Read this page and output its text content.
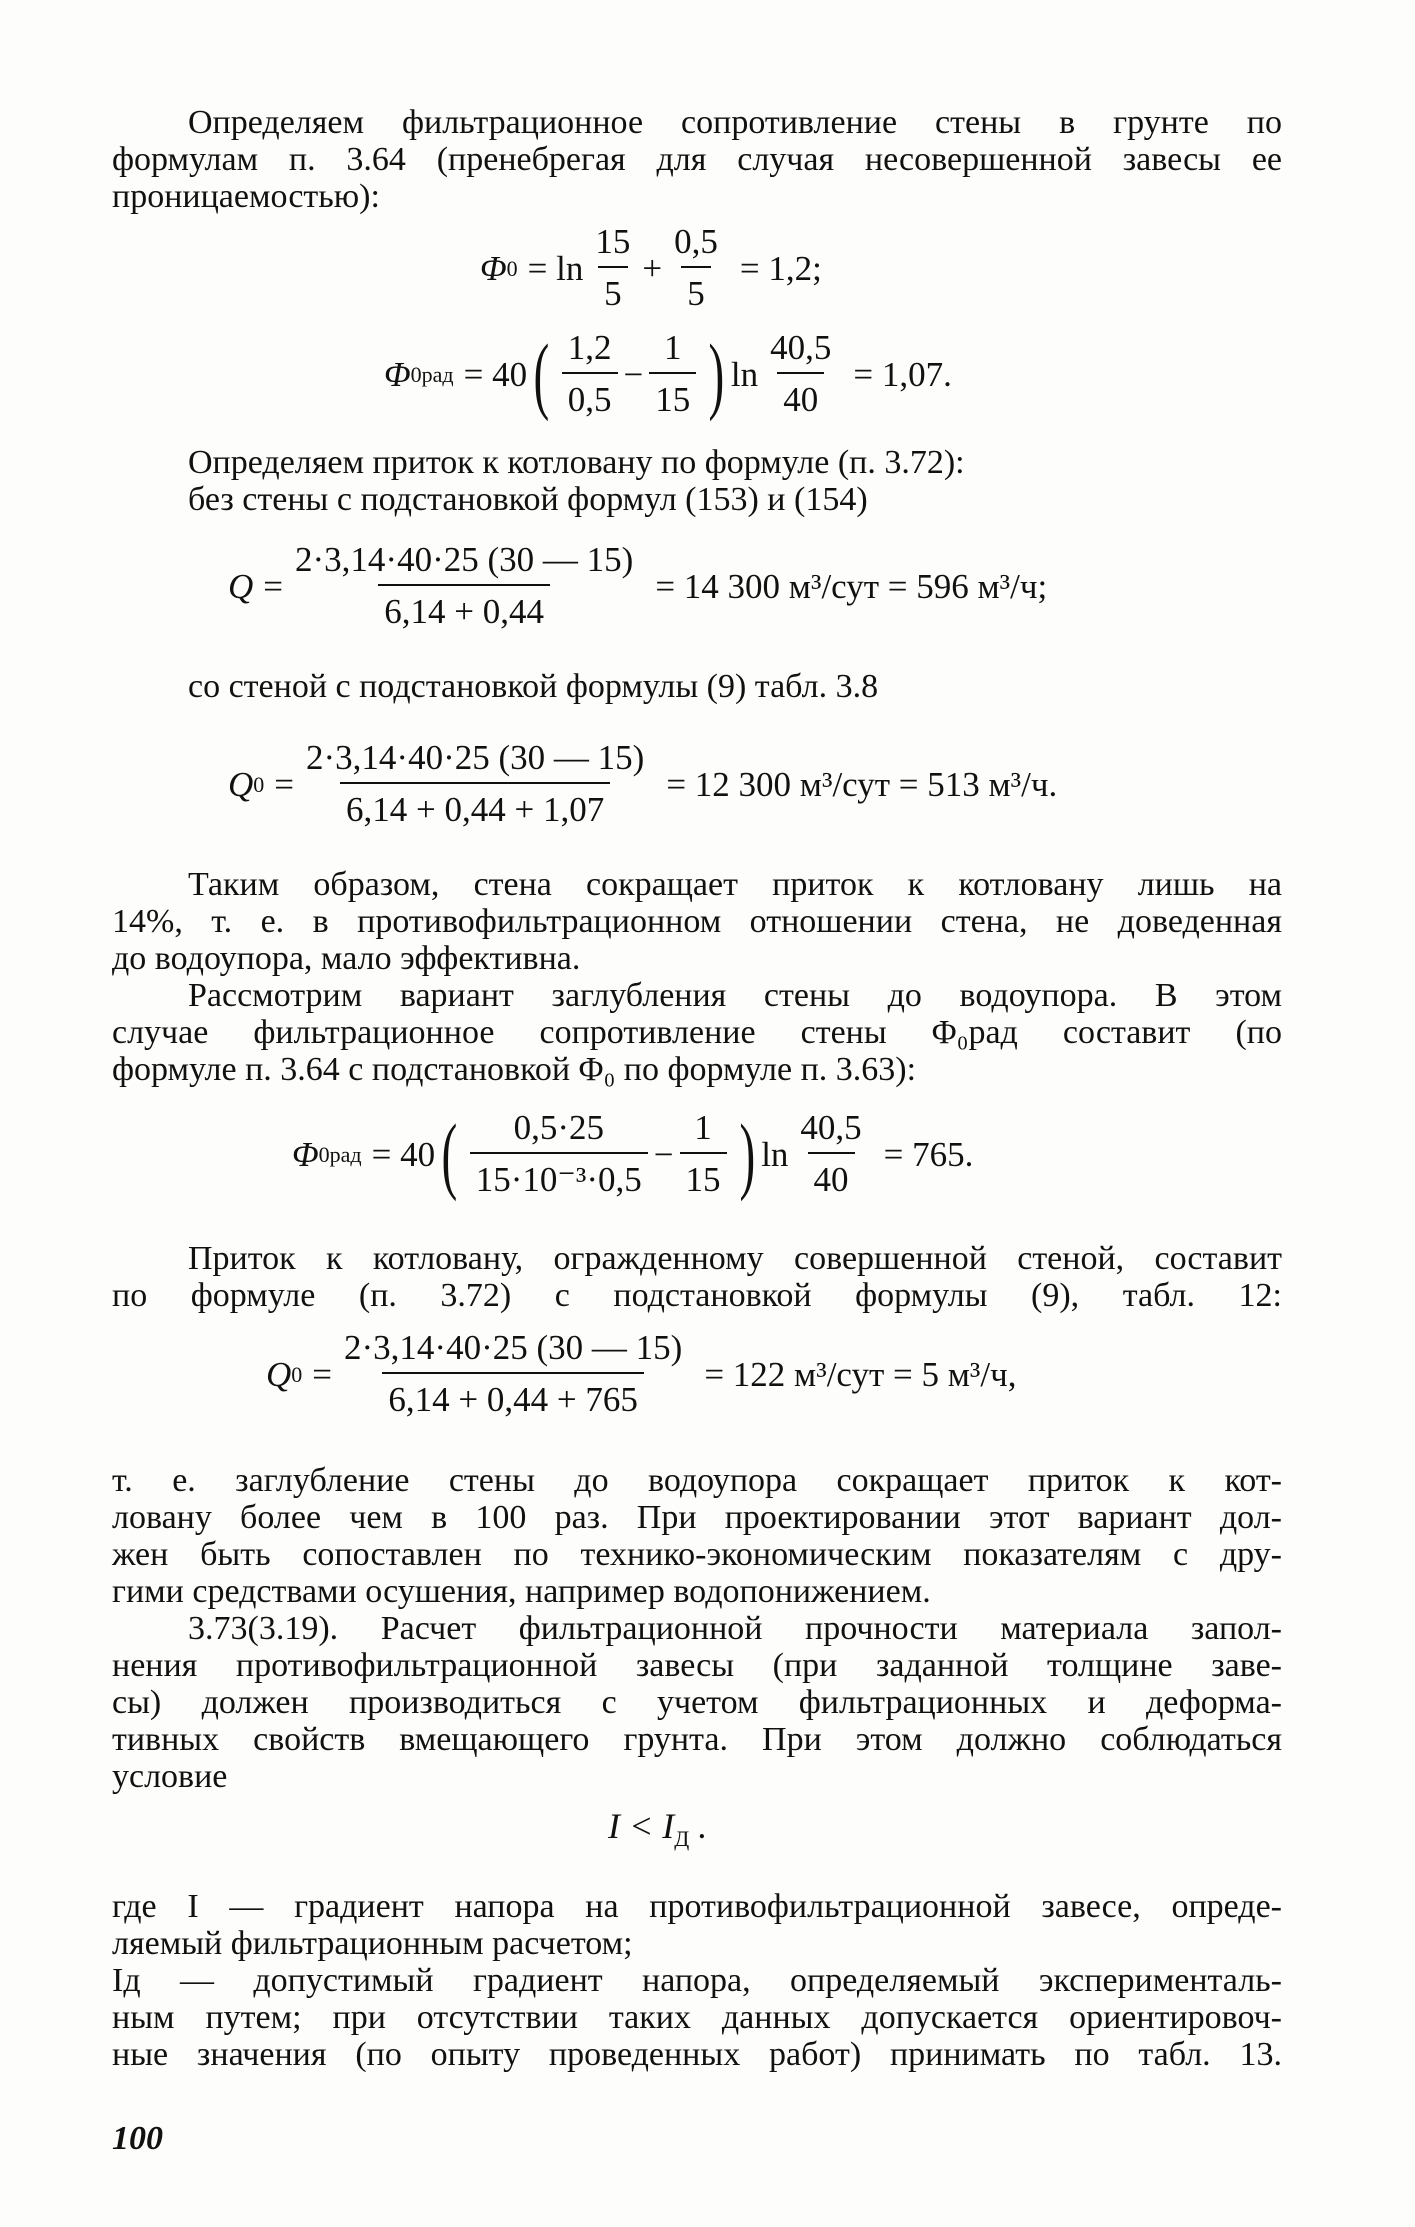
Определяем фильтрационное сопротивление стены в грунте по
формулам п. 3.64 (пренебрегая для случая несовершенной завесы ее
проницаемостью):
Φ $0 = \ln \frac{15}{5} + \frac{0,5}{5} = 1,2$;
Φ 0рад = 40 ( $\frac{1,2}{0,5} - \frac{1}{15}$ ) $\ln \frac{40,5}{40} = 1,07$.
Определяем приток к котловану по формуле (п. 3.72):
без стены с подстановкой формул (153) и (154)
$Q = \frac{2\cdot 3,14\cdot 40\cdot 25 (30 — 15)}{6,14 + 0,44} = 14$ 300 м³/сут = 596 м³/ч;
со стеной с подстановкой формулы (9) табл. 3.8
Q $0 = \frac{2\cdot 3,14\cdot 40\cdot 25 (30 — 15)}{6,14 + 0,44 + 1,07} = 12$ 300 м³/сут = 513 м³/ч.
Таким образом, стена сокращает приток к котловану лишь на
14%, т. е. в противофильтрационном отношении стена, не доведенная
до водоупора, мало эффективна.
Рассмотрим вариант заглубления стены до водоупора. В этом
случае фильтрационное сопротивление стены Φ₀рад составит (по
формуле п. 3.64 с подстановкой Φ₀ по формуле п. 3.63):
Φ 0рад = 40 ( $\frac{0,5\cdot 25}{\text{15·10⁻³·0,5}} - \frac{1}{15}$ ) $\ln \frac{40,5}{40} = 765$.
Приток к котловану, огражденному совершенной стеной, составит
по формуле (п. 3.72) с подстановкой формулы (9), табл. 12:
Q $0 = \frac{2\cdot 3,14\cdot 40\cdot 25 (30 — 15)}{6,14 + 0,44 + 765} = 122$ м³/сут = 5 м³/ч,
т. е. заглубление стены до водоупора сокращает приток к кот-
ловану более чем в 100 раз. При проектировании этот вариант дол-
жен быть сопоставлен по технико-экономическим показателям с дру-
гими средствами осушения, например водопонижением.
3.73(3.19). Расчет фильтрационной прочности материала запол-
нения противофильтрационной завесы (при заданной толщине заве-
сы) должен производиться с учетом фильтрационных и деформа-
тивных свойств вмещающего грунта. При этом должно соблюдаться
условие
$I < I_Д$ .
где I — градиент напора на противофильтрационной завесе, опреде-
ляемый фильтрационным расчетом;
Iд — допустимый градиент напора, определяемый эксперименталь-
ным путем; при отсутствии таких данных допускается ориентировоч-
ные значения (по опыту проведенных работ) принимать по табл. 13.
100
